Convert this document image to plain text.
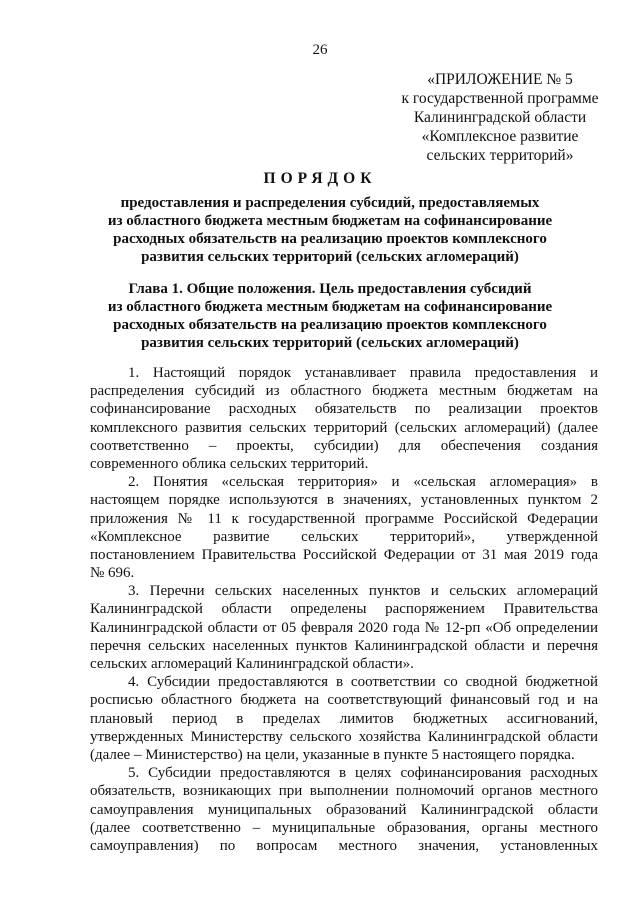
26
«ПРИЛОЖЕНИЕ № 5
к государственной программе
Калининградской области
«Комплексное развитие
сельских территорий»
ПОРЯДОК
предоставления и распределения субсидий, предоставляемых
из областного бюджета местным бюджетам на софинансирование
расходных обязательств на реализацию проектов комплексного
развития сельских территорий (сельских агломераций)
Глава 1. Общие положения. Цель предоставления субсидий
из областного бюджета местным бюджетам на софинансирование
расходных обязательств на реализацию проектов комплексного
развития сельских территорий (сельских агломераций)
1. Настоящий порядок устанавливает правила предоставления и
распределения субсидий из областного бюджета местным бюджетам на
софинансирование расходных обязательств по реализации проектов
комплексного развития сельских территорий (сельских агломераций) (далее
соответственно – проекты, субсидии) для обеспечения создания
современного облика сельских территорий.
2. Понятия «сельская территория» и «сельская агломерация» в
настоящем порядке используются в значениях, установленных пунктом 2
приложения № 11 к государственной программе Российской Федерации
«Комплексное развитие сельских территорий», утвержденной
постановлением Правительства Российской Федерации от 31 мая 2019 года
№ 696.
3. Перечни сельских населенных пунктов и сельских агломераций
Калининградской области определены распоряжением Правительства
Калининградской области от 05 февраля 2020 года № 12-рп «Об определении
перечня сельских населенных пунктов Калининградской области и перечня
сельских агломераций Калининградской области».
4. Субсидии предоставляются в соответствии со сводной бюджетной
росписью областного бюджета на соответствующий финансовый год и на
плановый период в пределах лимитов бюджетных ассигнований,
утвержденных Министерству сельского хозяйства Калининградской области
(далее – Министерство) на цели, указанные в пункте 5 настоящего порядка.
5. Субсидии предоставляются в целях софинансирования расходных
обязательств, возникающих при выполнении полномочий органов местного
самоуправления муниципальных образований Калининградской области
(далее соответственно – муниципальные образования, органы местного
самоуправления) по вопросам местного значения, установленных
